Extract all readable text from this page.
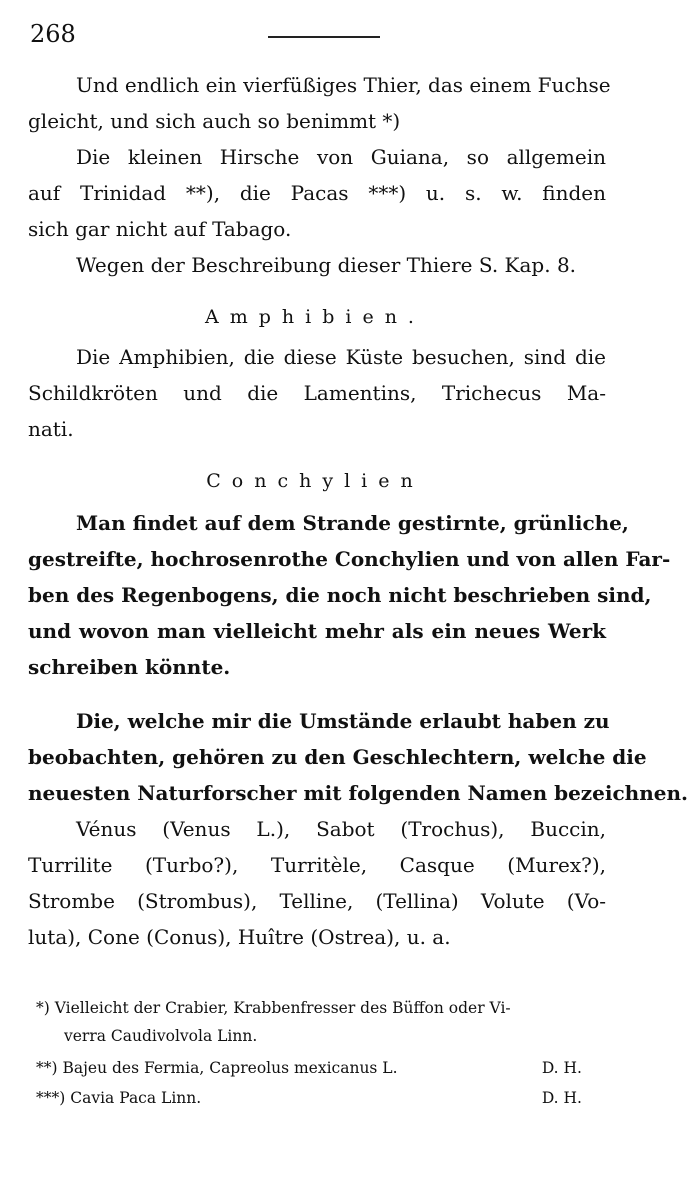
268
Und endlich ein vierfüßiges Thier, das einem Fuchse
gleicht, und sich auch so benimmt *)
Die kleinen Hirsche von Guiana, so allgemein
auf Trinidad **), die Pacas ***) u. s. w. finden
sich gar nicht auf Tabago.
Wegen der Beschreibung dieser Thiere S. Kap. 8.
Amphibien.
Die Amphibien, die diese Küste besuchen, sind die
Schildkröten und die Lamentins, Trichecus Ma-
nati.
Conchylien
Man findet auf dem Strande gestirnte, grünliche,
gestreifte, hochrosenrothe Conchylien und von allen Far-
ben des Regenbogens, die noch nicht beschrieben sind,
und wovon man vielleicht mehr als ein neues Werk
schreiben könnte.
Die, welche mir die Umstände erlaubt haben zu
beobachten, gehören zu den Geschlechtern, welche die
neuesten Naturforscher mit folgenden Namen bezeichnen.
Vénus (Venus L.), Sabot (Trochus), Buccin,
Turrilite (Turbo?), Turritèle, Casque (Murex?),
Strombe (Strombus), Telline, (Tellina) Volute (Vo-
luta), Cone (Conus), Huître (Ostrea), u. a.
*) Vielleicht der Crabier, Krabbenfresser des Büffon oder Vi-
verra Caudivolvola Linn.
**) Bajeu des Fermia, Capreolus mexicanus L.	D. H.
***) Cavia Paca Linn.	D. H.
